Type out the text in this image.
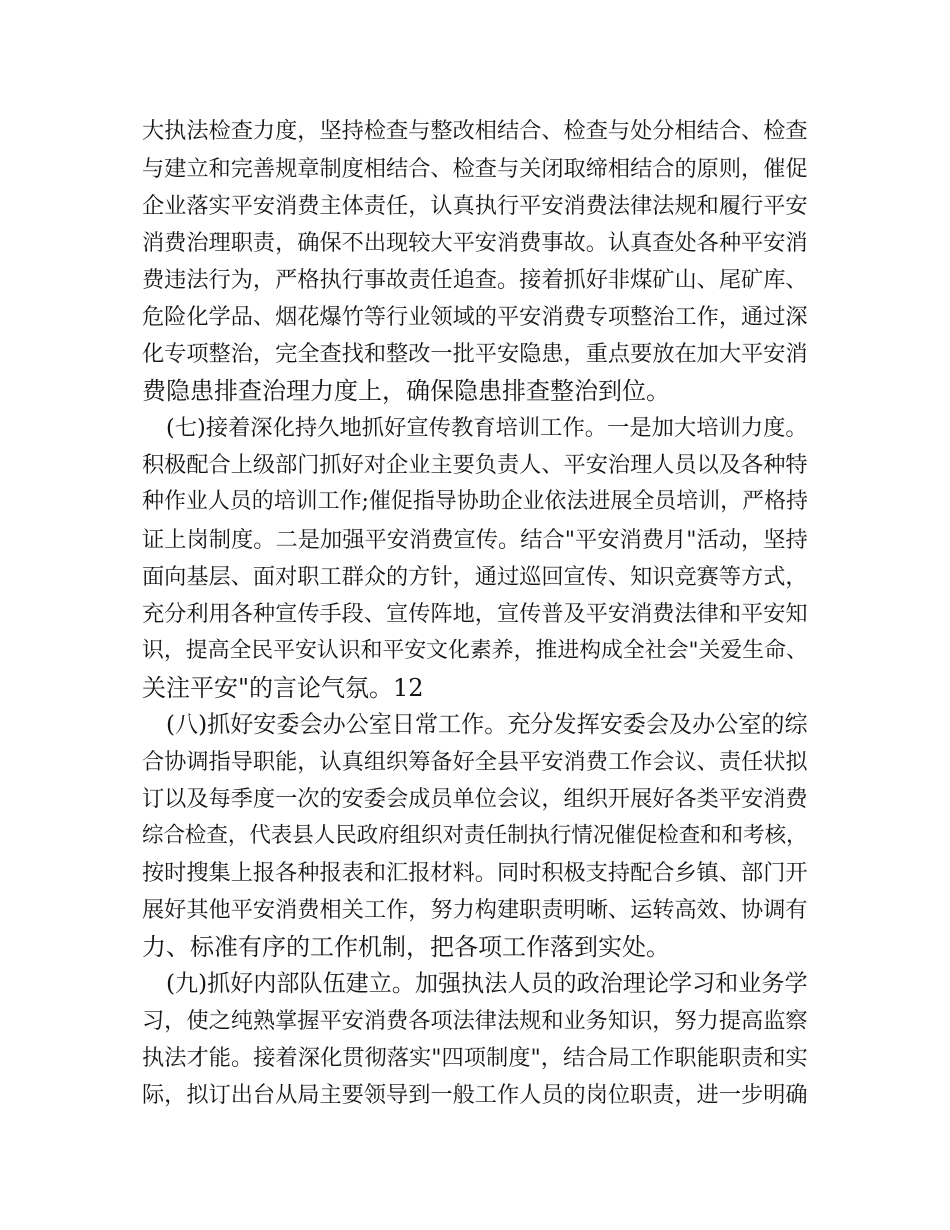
大执法检查力度，坚持检查与整改相结合、检查与处分相结合、检查
与建立和完善规章制度相结合、检查与关闭取缔相结合的原则，催促
企业落实平安消费主体责任，认真执行平安消费法律法规和履行平安
消费治理职责，确保不出现较大平安消费事故。认真查处各种平安消
费违法行为，严格执行事故责任追查。接着抓好非煤矿山、尾矿库、
危险化学品、烟花爆竹等行业领域的平安消费专项整治工作，通过深
化专项整治，完全查找和整改一批平安隐患，重点要放在加大平安消
费隐患排查治理力度上，确保隐患排查整治到位。
(七)接着深化持久地抓好宣传教育培训工作。一是加大培训力度。
积极配合上级部门抓好对企业主要负责人、平安治理人员以及各种特
种作业人员的培训工作;催促指导协助企业依法进展全员培训，严格持
证上岗制度。二是加强平安消费宣传。结合"平安消费月"活动，坚持
面向基层、面对职工群众的方针，通过巡回宣传、知识竞赛等方式，
充分利用各种宣传手段、宣传阵地，宣传普及平安消费法律和平安知
识，提高全民平安认识和平安文化素养，推进构成全社会"关爱生命、
关注平安"的言论气氛。12
(八)抓好安委会办公室日常工作。充分发挥安委会及办公室的综
合协调指导职能，认真组织筹备好全县平安消费工作会议、责任状拟
订以及每季度一次的安委会成员单位会议，组织开展好各类平安消费
综合检查，代表县人民政府组织对责任制执行情况催促检查和和考核，
按时搜集上报各种报表和汇报材料。同时积极支持配合乡镇、部门开
展好其他平安消费相关工作，努力构建职责明晰、运转高效、协调有
力、标准有序的工作机制，把各项工作落到实处。
(九)抓好内部队伍建立。加强执法人员的政治理论学习和业务学
习，使之纯熟掌握平安消费各项法律法规和业务知识，努力提高监察
执法才能。接着深化贯彻落实"四项制度"，结合局工作职能职责和实
际，拟订出台从局主要领导到一般工作人员的岗位职责，进一步明确
